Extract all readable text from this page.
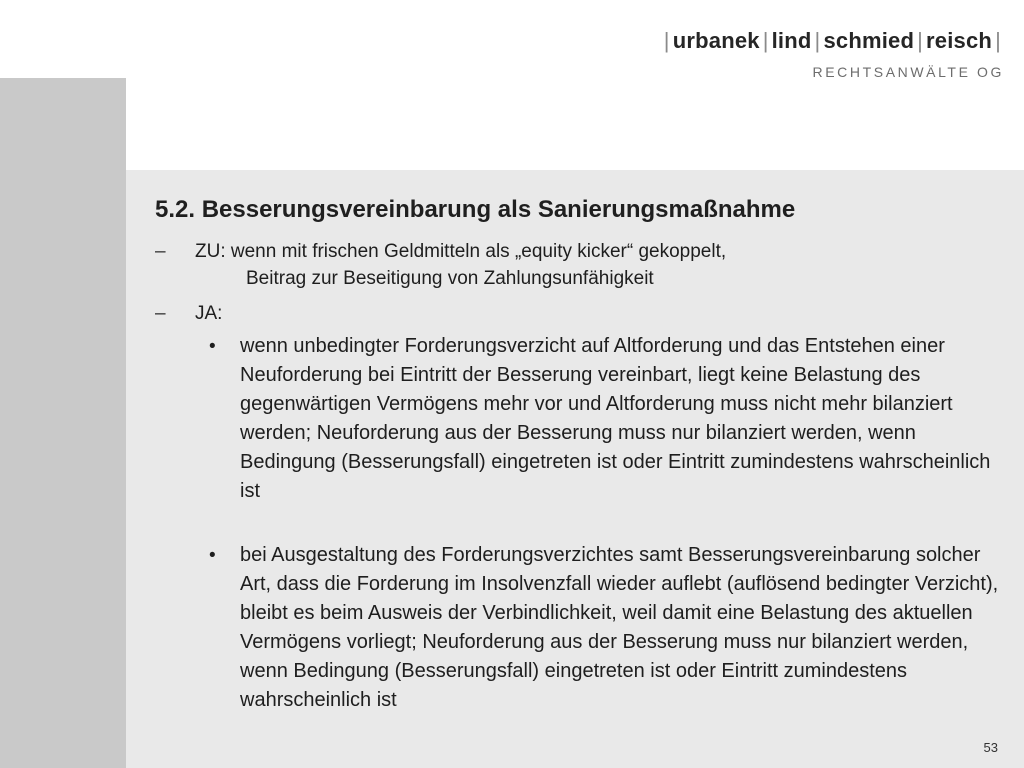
| urbanek | lind | schmied | reisch |
RECHTSANWÄLTE OG
5.2. Besserungsvereinbarung als Sanierungsmaßnahme
– ZU: wenn mit frischen Geldmitteln als „equity kicker“ gekoppelt,
Beitrag zur Beseitigung von Zahlungsunfähigkeit
– JA:
• wenn unbedingter Forderungsverzicht auf Altforderung und das Entstehen einer Neuforderung bei Eintritt der Besserung vereinbart, liegt keine Belastung des gegenwärtigen Vermögens mehr vor und Altforderung muss nicht mehr bilanziert werden; Neuforderung aus der Besserung muss nur bilanziert werden, wenn Bedingung (Besserungsfall) eingetreten ist oder Eintritt zumindestens wahrscheinlich ist
• bei Ausgestaltung des Forderungsverzichtes samt Besserungsvereinbarung solcher Art, dass die Forderung im Insolvenzfall wieder auflebt (auflösend bedingter Verzicht), bleibt es beim Ausweis der Verbindlichkeit, weil damit eine Belastung des aktuellen Vermögens vorliegt; Neuforderung aus der Besserung muss nur bilanziert werden, wenn Bedingung (Besserungsfall) eingetreten ist oder Eintritt zumindestens wahrscheinlich ist
53
